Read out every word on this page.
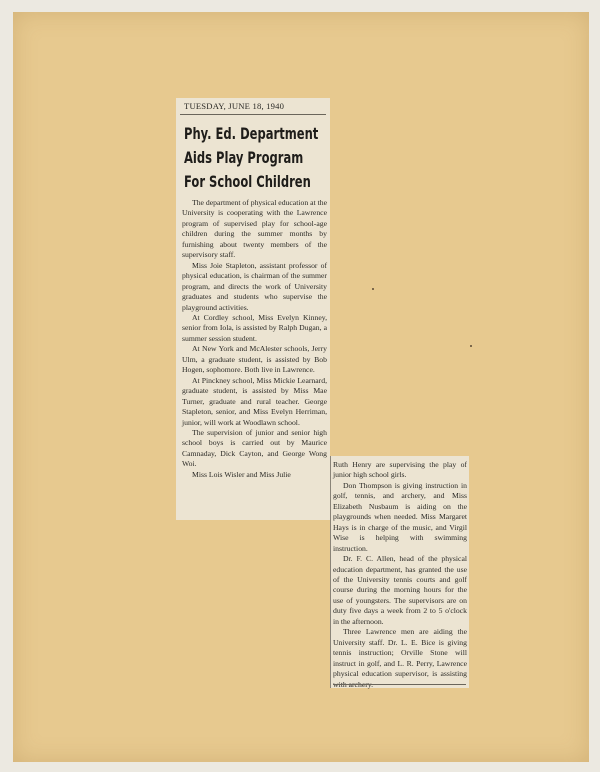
TUESDAY, JUNE 18, 1940
Phy. Ed. Department
Aids Play Program
For School Children

The department of physical education at the University is cooperating with the Lawrence program of supervised play for school-age children during the summer months by furnishing about twenty members of the supervisory staff.

Miss Joie Stapleton, assistant professor of physical education, is chairman of the summer program, and directs the work of University graduates and students who supervise the playground activities.

At Cordley school, Miss Evelyn Kinney, senior from Iola, is assisted by Ralph Dugan, a summer session student.

At New York and McAlester schools, Jerry Ulm, a graduate student, is assisted by Bob Hogen, sophomore. Both live in Lawrence.

At Pinckney school, Miss Mickie Learnard, graduate student, is assisted by Miss Mae Turner, graduate and rural teacher. George Stapleton, senior, and Miss Evelyn Herriman, junior, will work at Woodlawn school.

The supervision of junior and senior high school boys is carried out by Maurice Camnaday, Dick Cayton, and George Wong Woi.

Miss Lois Wisler and Miss Julie

Ruth Henry are supervising the play of junior high school girls.

Don Thompson is giving instruction in golf, tennis, and archery, and Miss Elizabeth Nusbaum is aiding on the playgrounds when needed. Miss Margaret Hays is in charge of the music, and Virgil Wise is helping with swimming instruction.

Dr. F. C. Allen, head of the physical education department, has granted the use of the University tennis courts and golf course during the morning hours for the use of youngsters. The supervisors are on duty five days a week from 2 to 5 o'clock in the afternoon.

Three Lawrence men are aiding the University staff. Dr. L. E. Bice is giving tennis instruction; Orville Stone will instruct in golf, and L. R. Perry, Lawrence physical education supervisor, is assisting with archery.
